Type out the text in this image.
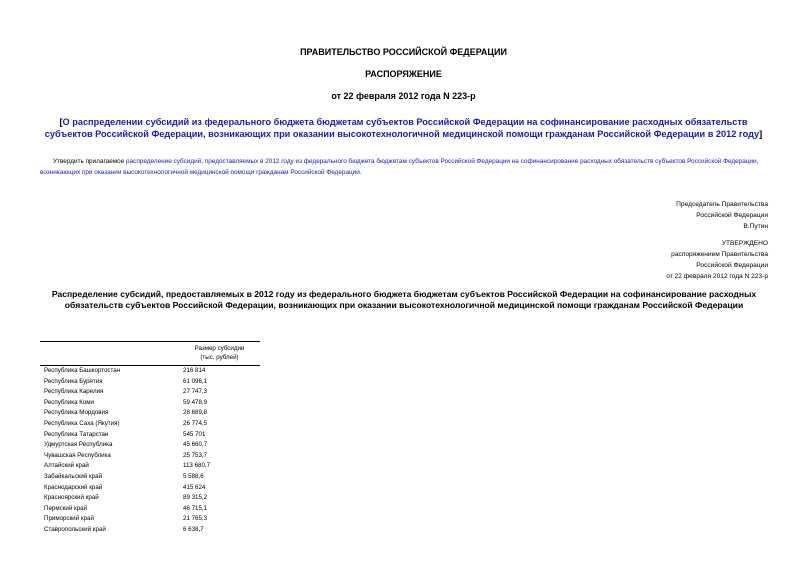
ПРАВИТЕЛЬСТВО РОССИЙСКОЙ ФЕДЕРАЦИИ
РАСПОРЯЖЕНИЕ
от 22 февраля 2012 года N 223-р
[О распределении субсидий из федерального бюджета бюджетам субъектов Российской Федерации на софинансирование расходных обязательств субъектов Российской Федерации, возникающих при оказании высокотехнологичной медицинской помощи гражданам Российской Федерации в 2012 году]
Утвердить прилагаемое распределение субсидий, предоставляемых в 2012 году из федерального бюджета бюджетам субъектов Российской Федерации на софинансирование расходных обязательств субъектов Российской Федерации, возникающих при оказании высокотехнологичной медицинской помощи гражданам Российской Федерации.
Председатель Правительства
Российской Федерации
В.Путин
УТВЕРЖДЕНО
распоряжением Правительства
Российской Федерации
от 22 февраля 2012 года N 223-р
Распределение субсидий, предоставляемых в 2012 году из федерального бюджета бюджетам субъектов Российской Федерации на софинансирование расходных обязательств субъектов Российской Федерации, возникающих при оказании высокотехнологичной медицинской помощи гражданам Российской Федерации

	Размер субсидии
(тыс. рублей)

Республика Башкортостан	216 814
Республика Бурятия	61 096,1
Республика Карелия	27 747,3
Республика Коми	59 478,9
Республика Мордовия	28 689,8
Республика Саха (Якутия)	26 774,5
Республика Татарстан	545 701
Удмуртская Республика	45 660,7
Чувашская Республика	25 753,7
Алтайский край	113 680,7
Забайкальский край	5 588,6
Краснодарский край	415 624
Красноярский край	89 315,2
Пермский край	46 715,1
Приморский край	21 765,3
Ставропольский край	6 638,7
